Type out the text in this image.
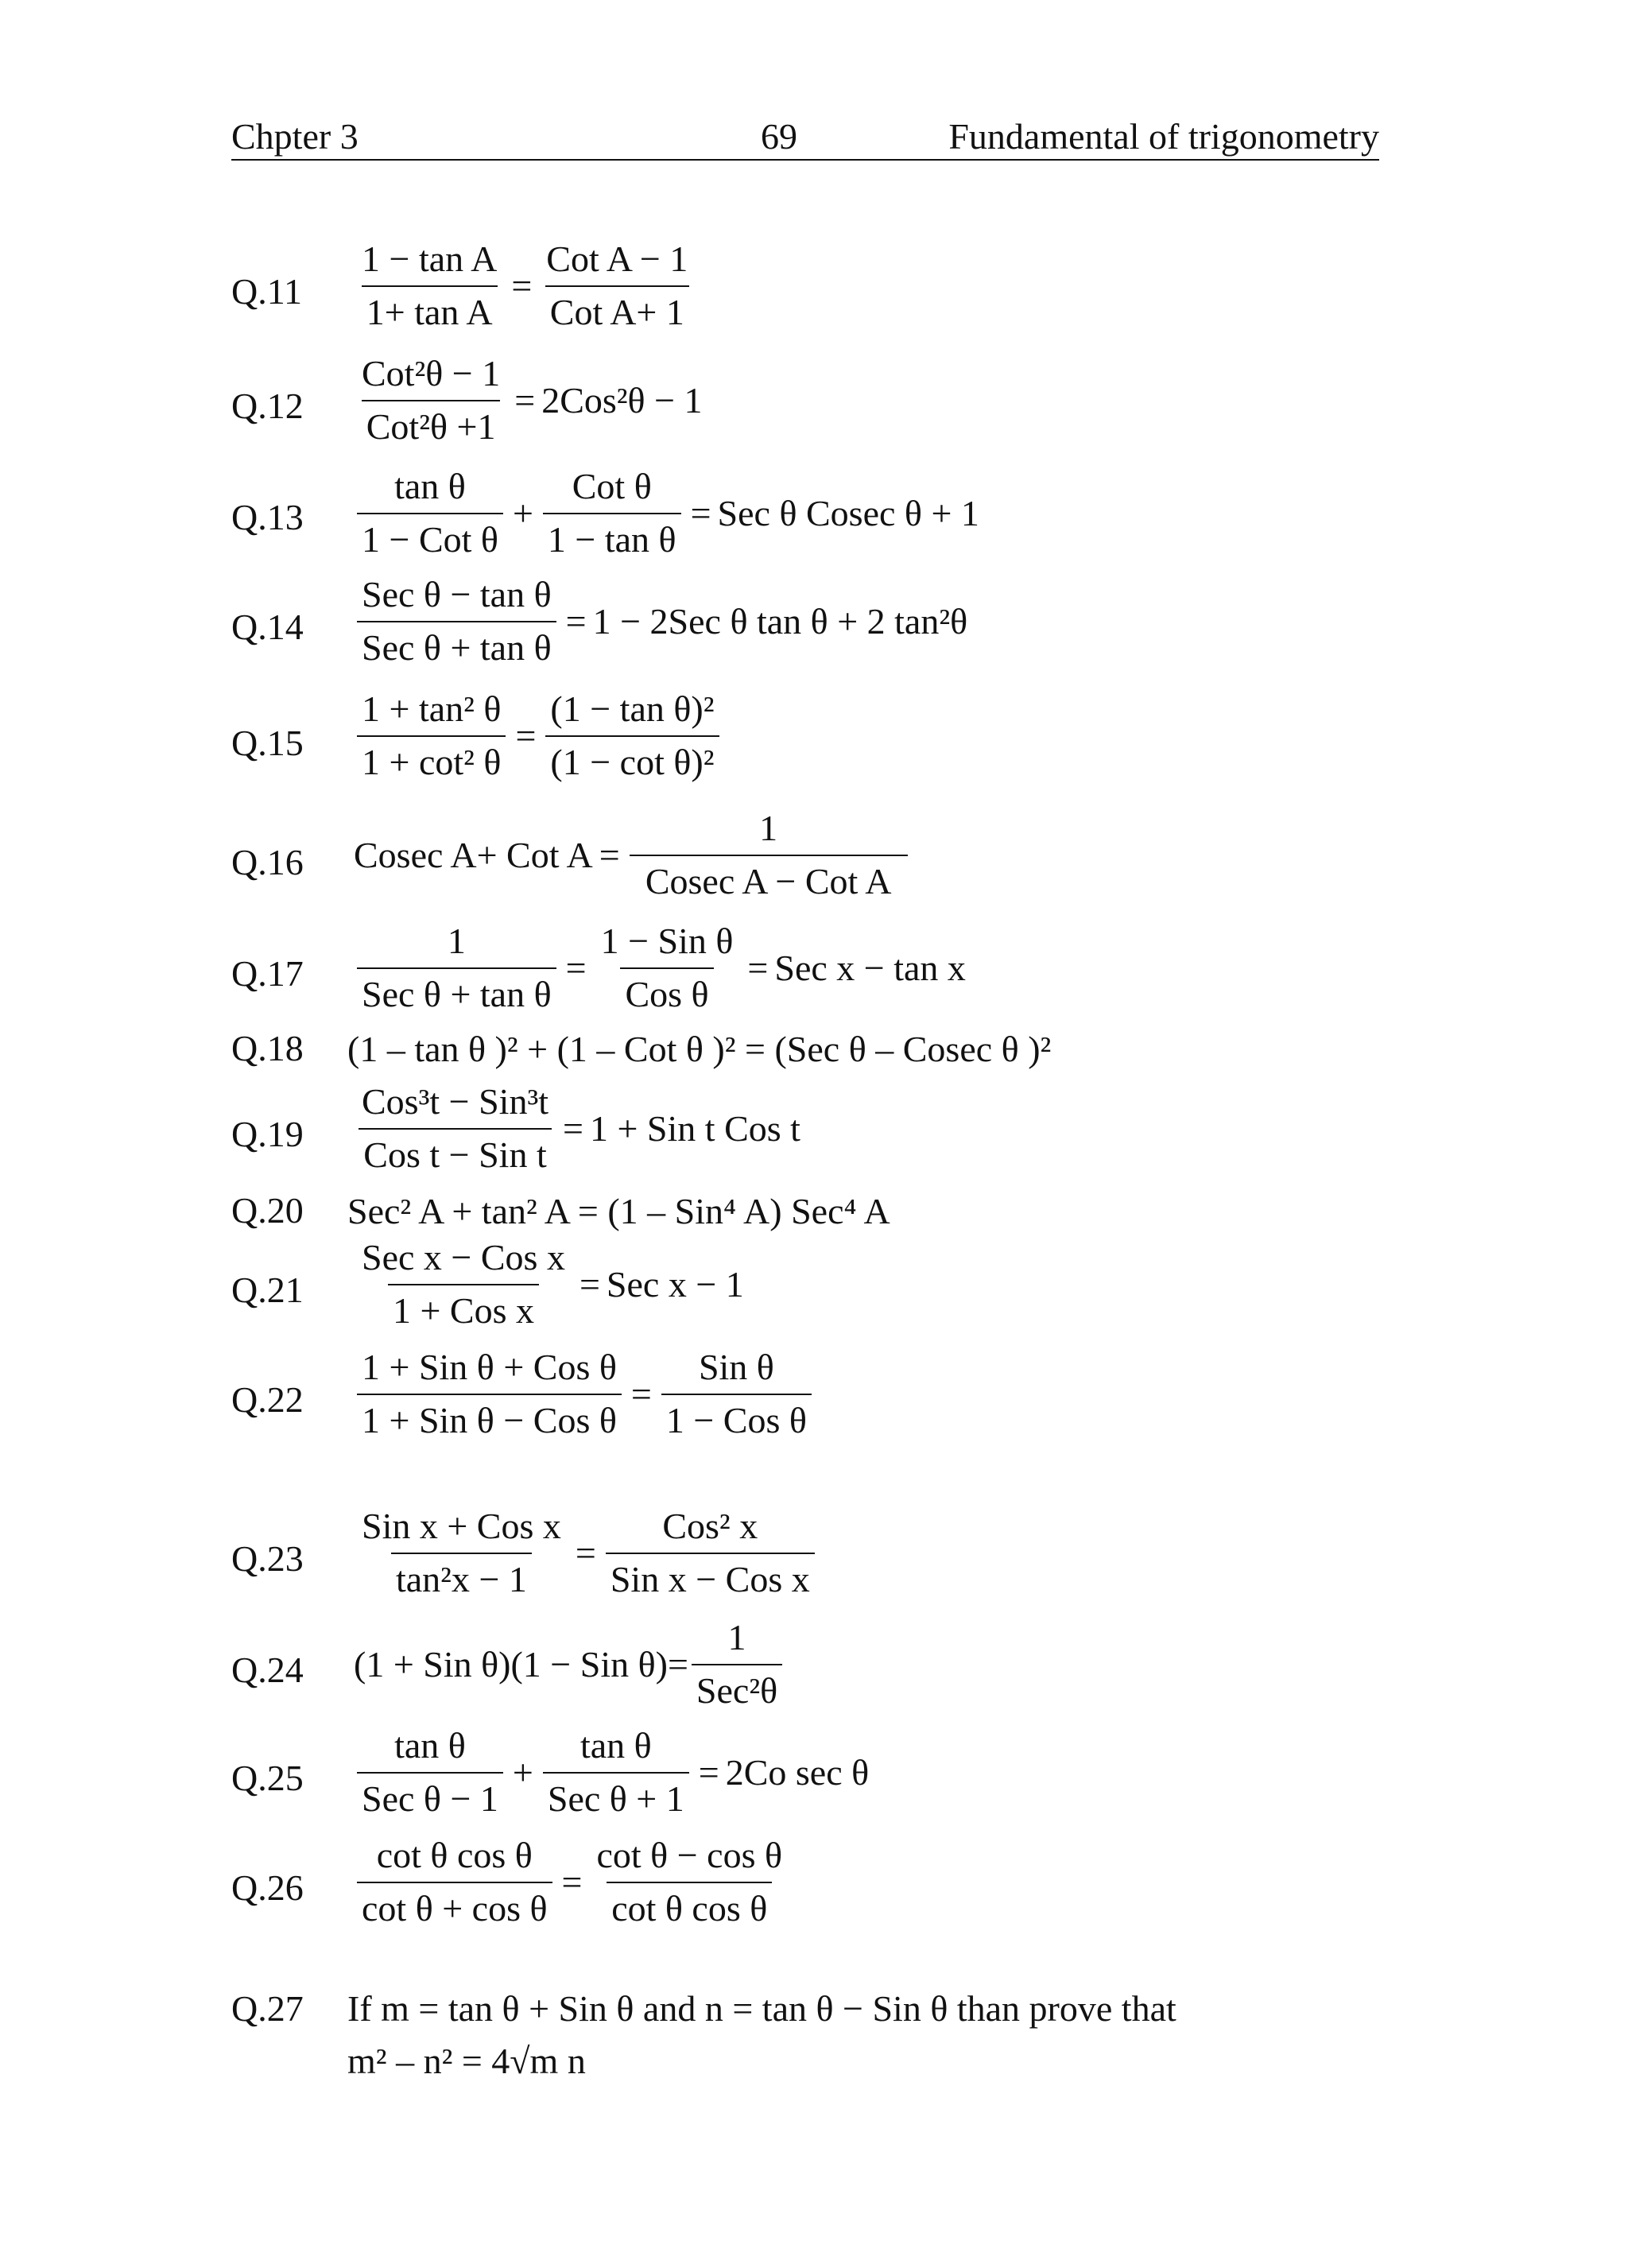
Chpter 3	69	Fundamental of trigonometry
$Q.11 \frac{\text{1 − tan A}}{\text{1+ tan A}} = \frac{\text{Cot A − 1}}{\text{Cot A+ 1}}$
$Q.12 \frac{\text{Cot²θ − 1}}{\text{Cot²θ +1}} = 2Cos^2\theta - 1$
$Q.13 \frac{\text{tan θ}}{\text{1 − Cot θ}} + \frac{\text{Cot θ}}{\text{1 − tan θ}}$ = Sec θ Cosec θ + 1
$Q.14 \frac{\text{Sec θ − tan θ}}{\text{Sec θ + tan θ}} = 1 - 2Sec$ θ tan θ + 2 tan²θ
$Q.15 \frac{\text{1 + tan² θ}}{\text{1 + cot² θ}} = \frac{\text{(1 − tan θ)²}}{\text{(1 − cot θ)²}}$
Q.16 Cosec A+ Cot $A = \frac{1}{\text{Cosec A − Cot A}}$
$Q.17 \frac{1}{\text{Sec θ + tan θ}} = \frac{\text{1 − Sin θ}}{\text{Cos θ}}$ = Sec x − tan x
Q.18 (1 – tan θ )² + (1 – Cot θ )² = (Sec θ – Cosec θ )²
$Q.19 \frac{\text{Cos³t − Sin³t}}{\text{Cos t − Sin t}} = 1$ + Sin t Cos t
Q.20 Sec² A + tan² A = (1 – Sin⁴ A) Sec⁴ A
$Q.21 \frac{\text{Sec x − Cos x}}{\text{1 + Cos x}}$ = Sec x − 1
$Q.22 \frac{\text{1 + Sin θ + Cos θ}}{\text{1 + Sin θ − Cos θ}} = \frac{\text{Sin θ}}{\text{1 − Cos θ}}$
$Q.23 \frac{\text{Sin x + Cos x}}{\text{tan²x − 1}} = \frac{\text{Cos² x}}{\text{Sin x − Cos x}}$
Q.24 (1 + Sin θ)(1 − Sin $\theta) = \frac{1}{\text{Sec²θ}}$
$Q.25 \frac{\text{tan θ}}{\text{Sec θ − 1}} + \frac{\text{tan θ}}{\text{Sec θ + 1}} = 2Co$ sec θ
$Q.26 \frac{\text{cot θ cos θ}}{\text{cot θ + cos θ}} = \frac{\text{cot θ − cos θ}}{\text{cot θ cos θ}}$
Q.27 If m = tan θ + Sin θ and n = tan θ − Sin θ than prove that
m² – n² = 4√m n
